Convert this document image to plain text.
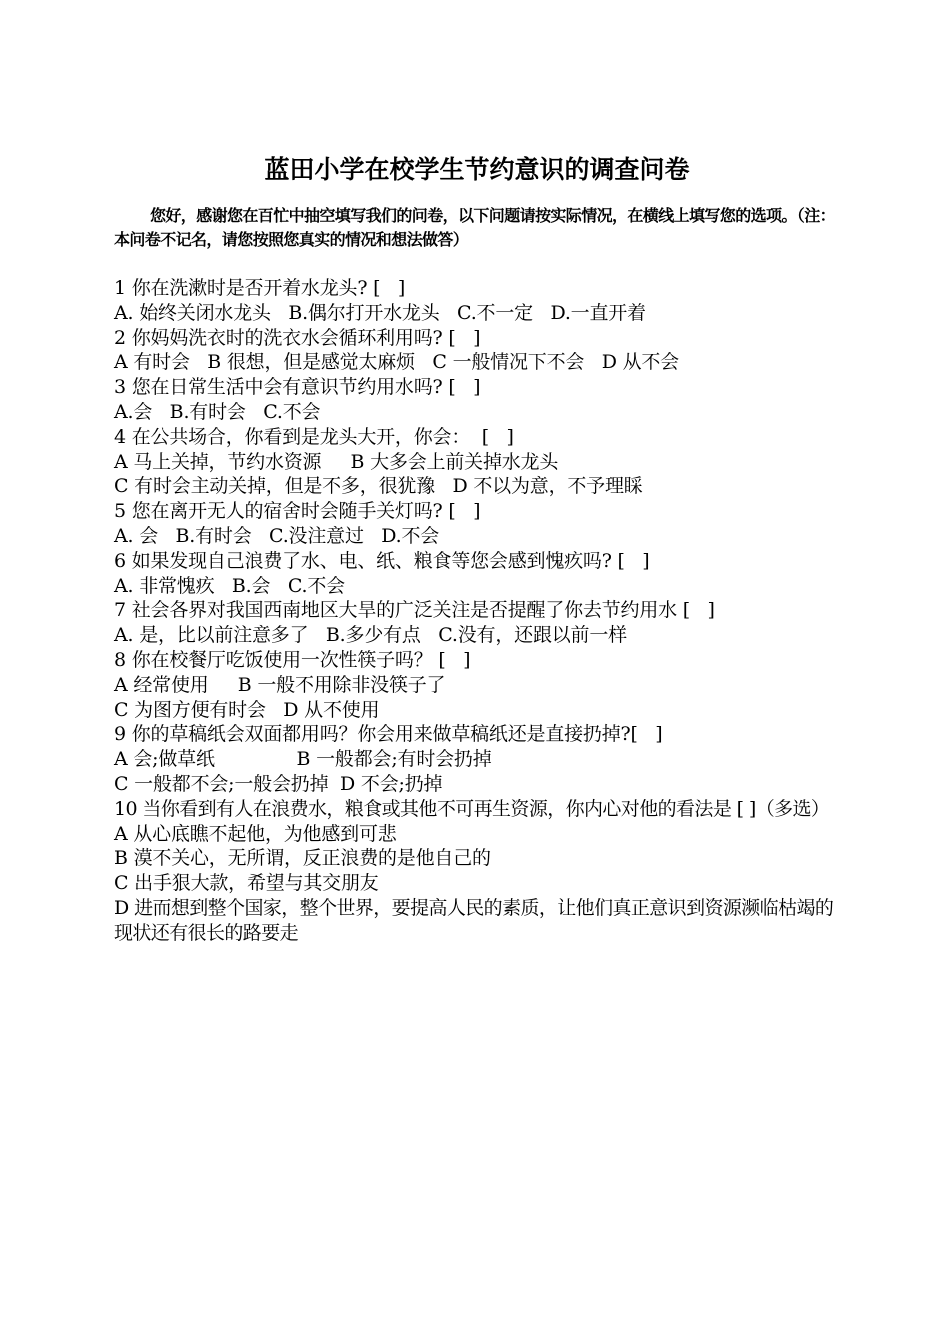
蓝田小学在校学生节约意识的调查问卷
您好，感谢您在百忙中抽空填写我们的问卷，以下问题请按实际情况，在横线上填写您的选项。（注：本问卷不记名，请您按照您真实的情况和想法做答）
1 你在洗漱时是否开着水龙头? [   ]
A. 始终关闭水龙头   B.偶尔打开水龙头   C.不一定   D.一直开着
2 你妈妈洗衣时的洗衣水会循环利用吗? [   ]
A 有时会   B 很想，但是感觉太麻烦   C 一般情况下不会   D 从不会
3 您在日常生活中会有意识节约用水吗? [   ]
A.会   B.有时会   C.不会
4 在公共场合，你看到是龙头大开，你会：  [   ]
A 马上关掉，节约水资源     B 大多会上前关掉水龙头
C 有时会主动关掉，但是不多，很犹豫   D 不以为意，不予理睬
5 您在离开无人的宿舍时会随手关灯吗? [   ]
A. 会   B.有时会   C.没注意过   D.不会
6 如果发现自己浪费了水、电、纸、粮食等您会感到愧疚吗? [   ]
A. 非常愧疚   B.会   C.不会
7 社会各界对我国西南地区大旱的广泛关注是否提醒了你去节约用水 [   ]
A. 是，比以前注意多了   B.多少有点   C.没有，还跟以前一样
8 你在校餐厅吃饭使用一次性筷子吗？ [   ]
A 经常使用     B 一般不用除非没筷子了
C 为图方便有时会   D 从不使用
9 你的草稿纸会双面都用吗？你会用来做草稿纸还是直接扔掉?[   ]
A 会;做草纸              B 一般都会;有时会扔掉
C 一般都不会;一般会扔掉  D 不会;扔掉
10 当你看到有人在浪费水，粮食或其他不可再生资源，你内心对他的看法是 [ ]（多选）
A 从心底瞧不起他，为他感到可悲
B 漠不关心，无所谓，反正浪费的是他自己的
C 出手狠大款，希望与其交朋友
D 进而想到整个国家，整个世界，要提高人民的素质，让他们真正意识到资源濒临枯竭的现状还有很长的路要走
